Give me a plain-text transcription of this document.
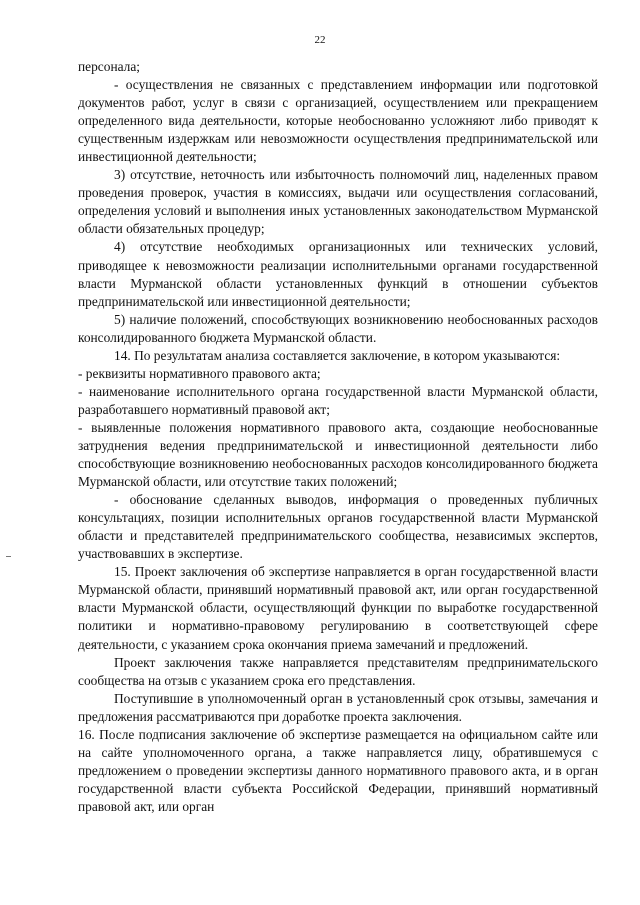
22

персонала;

- осуществления не связанных с представлением информации или подготовкой документов работ, услуг в связи с организацией, осуществлением или прекращением определенного вида деятельности, которые необоснованно усложняют либо приводят к существенным издержкам или невозможности осуществления предпринимательской или инвестиционной деятельности;

3) отсутствие, неточность или избыточность полномочий лиц, наделенных правом проведения проверок, участия в комиссиях, выдачи или осуществления согласований, определения условий и выполнения иных установленных законодательством Мурманской области обязательных процедур;

4) отсутствие необходимых организационных или технических условий, приводящее к невозможности реализации исполнительными органами государственной власти Мурманской области установленных функций в отношении субъектов предпринимательской или инвестиционной деятельности;

5) наличие положений, способствующих возникновению необоснованных расходов консолидированного бюджета Мурманской области.

14. По результатам анализа составляется заключение, в котором указываются:

- реквизиты нормативного правового акта;

- наименование исполнительного органа государственной власти Мурманской области, разработавшего нормативный правовой акт;

- выявленные положения нормативного правового акта, создающие необоснованные затруднения ведения предпринимательской и инвестиционной деятельности либо способствующие возникновению необоснованных расходов консолидированного бюджета Мурманской области, или отсутствие таких положений;

- обоснование сделанных выводов, информация о проведенных публичных консультациях, позиции исполнительных органов государственной власти Мурманской области и представителей предпринимательского сообщества, независимых экспертов, участвовавших в экспертизе.

15. Проект заключения об экспертизе направляется в орган государственной власти Мурманской области, принявший нормативный правовой акт, или орган государственной власти Мурманской области, осуществляющий функции по выработке государственной политики и нормативно-правовому регулированию в соответствующей сфере деятельности, с указанием срока окончания приема замечаний и предложений.

Проект заключения также направляется представителям предпринимательского сообщества на отзыв с указанием срока его представления.

Поступившие в уполномоченный орган в установленный срок отзывы, замечания и предложения рассматриваются при доработке проекта заключения.

16. После подписания заключение об экспертизе размещается на официальном сайте или на сайте уполномоченного органа, а также направляется лицу, обратившемуся с предложением о проведении экспертизы данного нормативного правового акта, и в орган государственной власти субъекта Российской Федерации, принявший нормативный правовой акт, или орган
